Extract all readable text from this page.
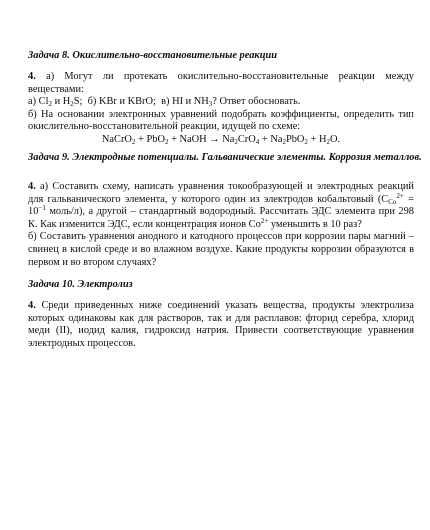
Задача 8. Окислительно-восстановительные реакции

4. а) Могут ли протекать окислительно-восстановительные реакции между веществами:

а) $Cl_2$ и $H_2S$;  б) KBr и KBrO;  в) HI и $NH_3$? Ответ обосновать.

б) На основании электронных уравнений подобрать коэффициенты, определить тип окислительно-восстановительной реакции, идущей по схеме:

NaCrO$_2$ + PbO$_2$ + NaOH → $Na_2CrO_4 + Na_2PbO_2 + H_2O$.

Задача 9. Электродные потенциалы. Гальванические элементы. Коррозия металлов.

4. а) Составить схему, написать уравнения токообразующей и электродных реакций для гальванического элемента, у которого один из электродов кобальтовый ($C_{Co}^{2+} = 10^{-1}$ моль/л), а другой – стандартный водородный. Рассчитать ЭДС элемента при 298 К. Как изменится ЭДС, если концентрация ионов $Co^{2+}$ уменьшить в 10 раз?

б) Составить уравнения анодного и катодного процессов при коррозии пары магний – свинец в кислой среде и во влажном воздухе. Какие продукты коррозии образуются в первом и во втором случаях?

Задача 10. Электролиз

4. Среди приведенных ниже соединений указать вещества, продукты электролиза которых одинаковы как для растворов, так и для расплавов: фторид серебра, хлорид меди (II), иодид калия, гидроксид натрия. Привести соответствующие уравнения электродных процессов.
